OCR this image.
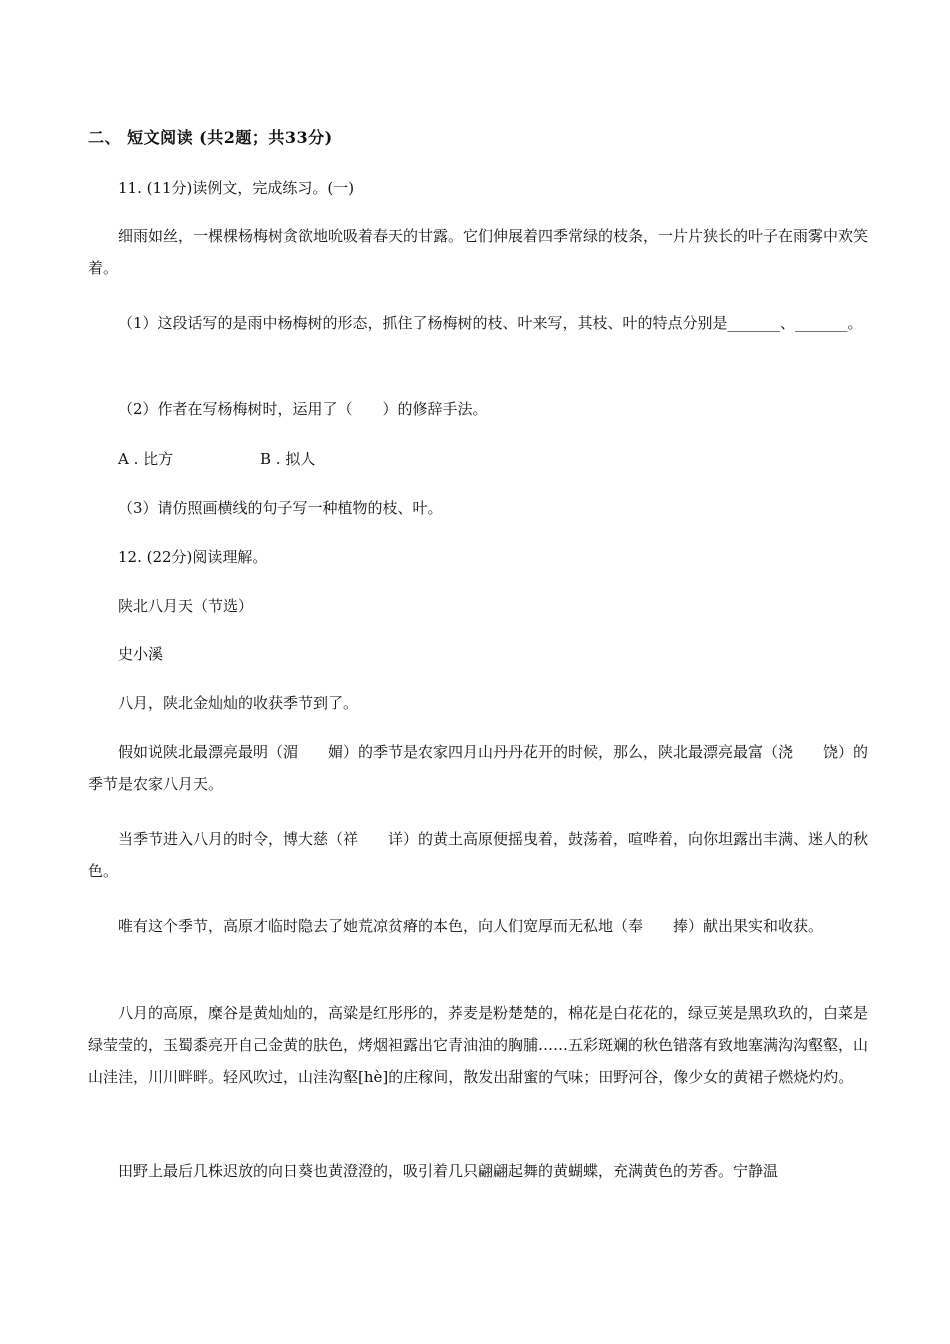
二、 短文阅读 (共2题；共33分)
11. (11分)读例文，完成练习。(一)
细雨如丝，一棵棵杨梅树贪欲地吮吸着春天的甘露。它们伸展着四季常绿的枝条，一片片狭长的叶子在雨雾中欢笑着。
（1）这段话写的是雨中杨梅树的形态，抓住了杨梅树的枝、叶来写，其枝、叶的特点分别是_______、_______。
（2）作者在写杨梅树时，运用了（　　）的修辞手法。
A . 比方	B . 拟人
（3）请仿照画横线的句子写一种植物的枝、叶。
12. (22分)阅读理解。
陕北八月天（节选）
史小溪
八月，陕北金灿灿的收获季节到了。
假如说陕北最漂亮最明（湄　　媚）的季节是农家四月山丹丹花开的时候，那么，陕北最漂亮最富（浇　　饶）的季节是农家八月天。
当季节进入八月的时令，博大慈（祥　　详）的黄土高原便摇曳着，鼓荡着，喧哗着，向你坦露出丰满、迷人的秋色。
唯有这个季节，高原才临时隐去了她荒凉贫瘠的本色，向人们宽厚而无私地（奉　　捧）献出果实和收获。
八月的高原，糜谷是黄灿灿的，高粱是红彤彤的，荞麦是粉楚楚的，棉花是白花花的，绿豆荚是黑玖玖的，白菜是绿莹莹的，玉蜀黍亮开自己金黄的肤色，烤烟袒露出它青油油的胸脯……五彩斑斓的秋色错落有致地塞满沟沟壑壑，山山洼洼，川川畔畔。轻风吹过，山洼沟壑[hè]的庄稼间，散发出甜蜜的气味；田野河谷，像少女的黄裙子燃烧灼灼。
田野上最后几株迟放的向日葵也黄澄澄的，吸引着几只翩翩起舞的黄蝴蝶，充满黄色的芳香。宁静温
